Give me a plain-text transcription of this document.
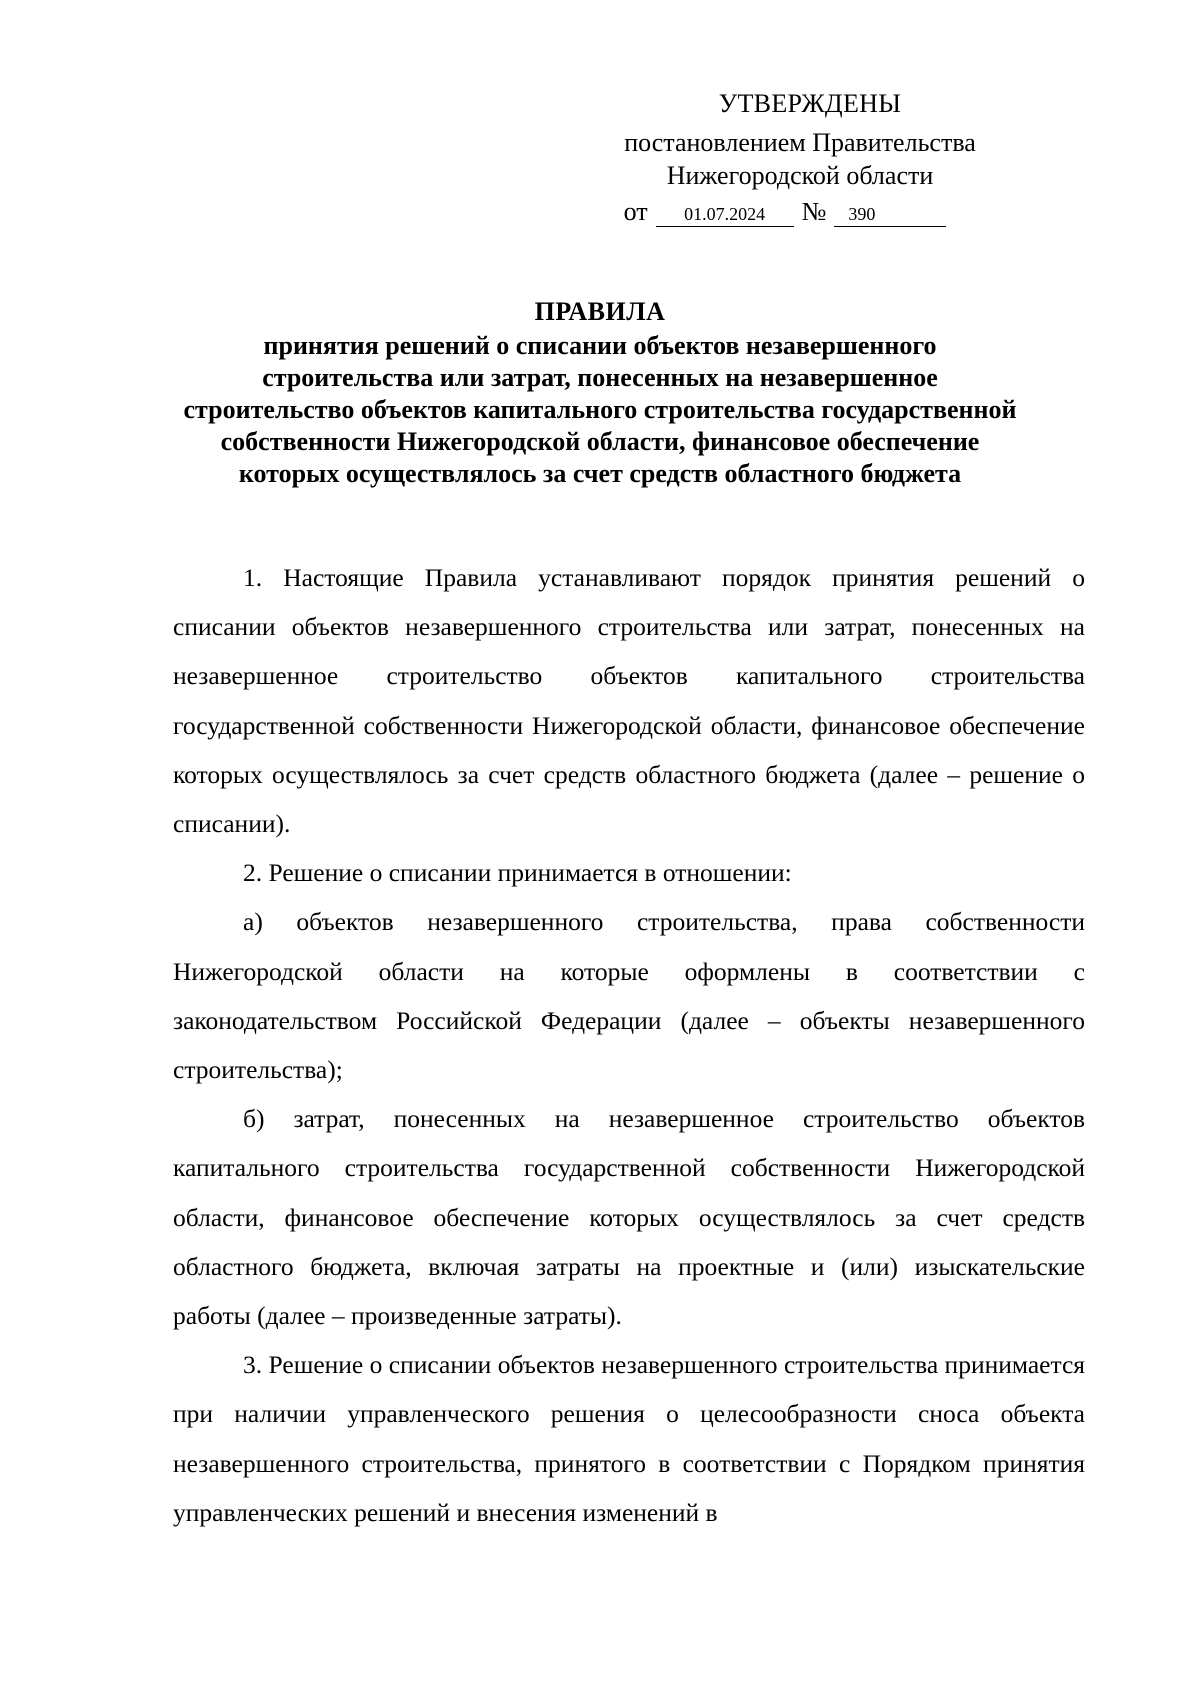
УТВЕРЖДЕНЫ
постановлением Правительства
Нижегородской области
от	01.07.2024	№	390
ПРАВИЛА
принятия решений о списании объектов незавершенного
строительства или затрат, понесенных на незавершенное
строительство объектов капитального строительства государственной
собственности Нижегородской области, финансовое обеспечение
которых осуществлялось за счет средств областного бюджета

1. Настоящие Правила устанавливают порядок принятия решений о списании объектов незавершенного строительства или затрат, понесенных на незавершенное строительство объектов капитального строительства государственной собственности Нижегородской области, финансовое обеспечение которых осуществлялось за счет средств областного бюджета (далее – решение о списании).

2. Решение о списании принимается в отношении:

а) объектов незавершенного строительства, права собственности Нижегородской области на которые оформлены в соответствии с законодательством Российской Федерации (далее – объекты незавершенного строительства);

б) затрат, понесенных на незавершенное строительство объектов капитального строительства государственной собственности Нижегородской области, финансовое обеспечение которых осуществлялось за счет средств областного бюджета, включая затраты на проектные и (или) изыскательские работы (далее – произведенные затраты).

3. Решение о списании объектов незавершенного строительства принимается при наличии управленческого решения о целесообразности сноса объекта незавершенного строительства, принятого в соответствии с Порядком принятия управленческих решений и внесения изменений в
